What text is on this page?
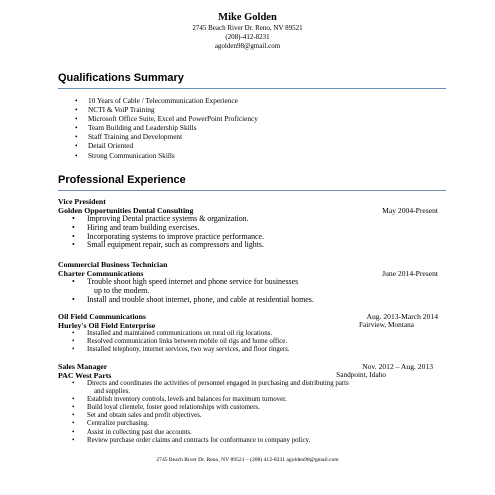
Mike Golden
2745 Beach River Dr. Reno, NV 89521
(208)-412-8231
agolden98@gmail.com
Qualifications Summary
• 10 Years of Cable / Telecommunication Experience
• NCTI & VoiP Training
• Microsoft Office Suite, Excel and PowerPoint Proficiency
• Team Building and Leadership Skills
• Staff Training and Development
• Detail Oriented
• Strong Communication Skills
Professional Experience
Vice President
Golden Opportunities Dental Consulting	May 2004-Present
• Improving Dental practice systems & organization.
• Hiring and team building exercises.
• Incorporating systems to improve practice performance.
• Small equipment repair, such as compressors and lights.
Commercial Business Technician
Charter Communications	June 2014-Present
• Trouble shoot high speed internet and phone service for businesses
up to the modem.
• Install and trouble shoot internet, phone, and cable at residential homes.
Oil Field Communications
Hurley's Oil Field Enterprise
Aug. 2013-March 2014
Fairview, Montana
• Installed and maintained communications on rural oil rig locations.
• Resolved communication links between mobile oil rigs and home office.
• Installed telephony, internet services, two way services, and floor ringers.
Sales Manager
PAC West Parts
Nov. 2012 – Aug. 2013
Sandpoint, Idaho
• Directs and coordinates the activities of personnel engaged in purchasing and distributing parts
and supplies.
• Establish inventory controls, levels and balances for maximum turnover.
• Build loyal clientele, foster good relationships with customers.
• Set and obtain sales and profit objectives.
• Centralize purchasing.
• Assist in collecting past due accounts.
• Review purchase order claims and contracts for conformance to company policy.
2745 Beach River Dr. Reno, NV 89521 – (208) 412-8231 agolden98@gmail.com
